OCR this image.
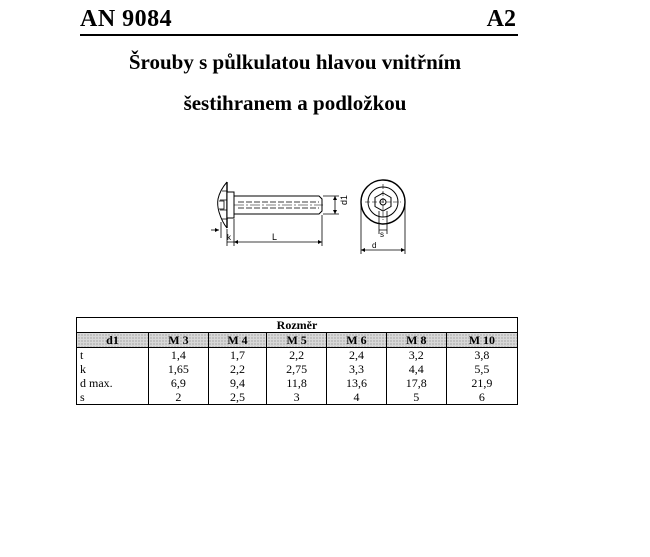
AN 9084	A2
Šrouby s půlkulatou hlavou vnitřním
šestihranem a podložkou
d1
k	L	s
d
Rozměr						
d1	M 3	M 4	M 5	M 6	M 8	M 10
t	1,4	1,7	2,2	2,4	3,2	3,8
k	1,65	2,2	2,75	3,3	4,4	5,5
d max.	6,9	9,4	11,8	13,6	17,8	21,9
s	2	2,5	3	4	5	6
